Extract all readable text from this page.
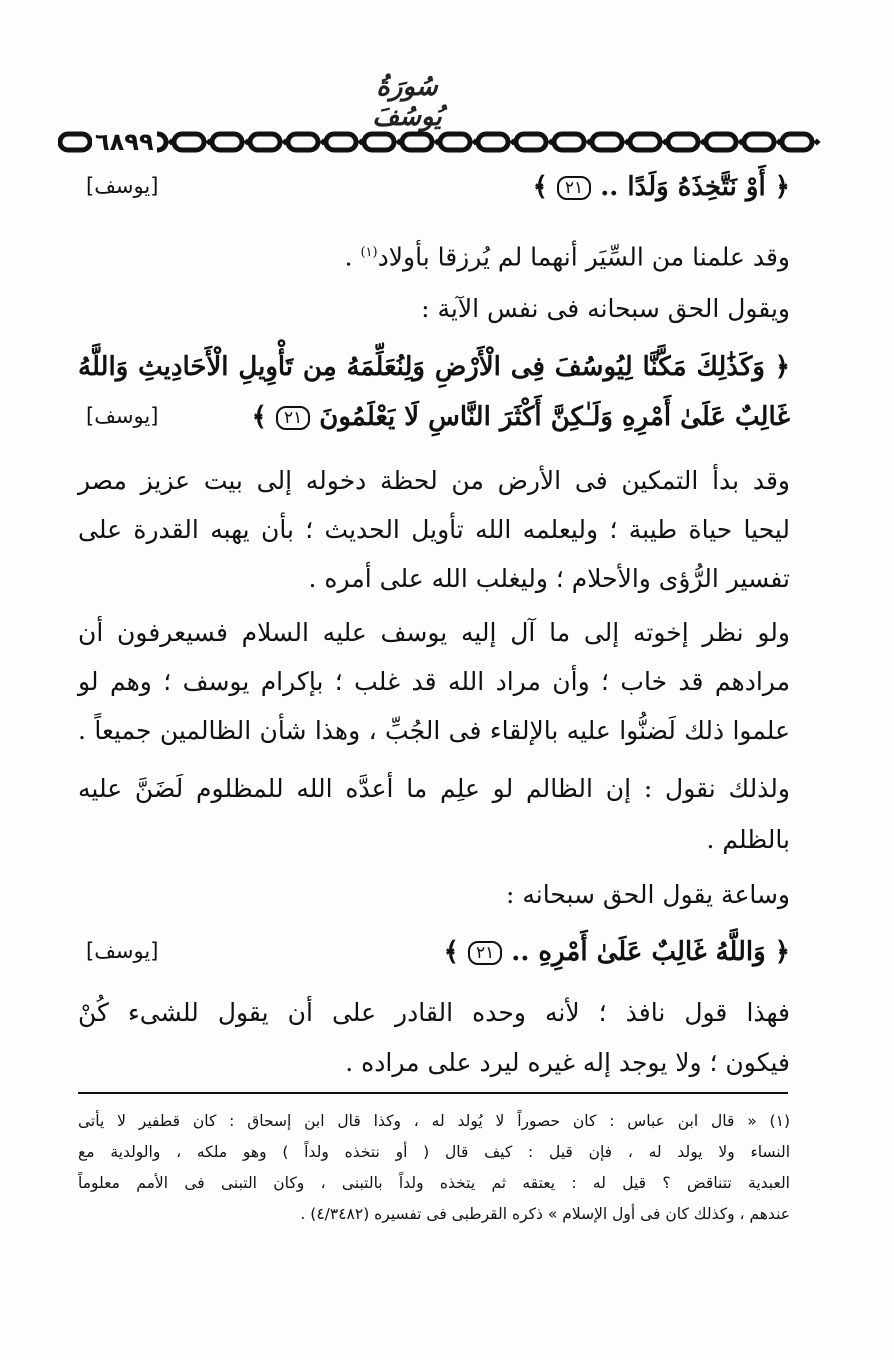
سُورَةُ يُوسُفَ
٦٨٩٩
﴿ أَوْ نَتَّخِذَهُ وَلَدًا .. ٢١ ﴾
[يوسف]
وقد علمنا من السِّيَر أنهما لم يُرزقا بأولاد$^{(١)}$ .
ويقول الحق سبحانه فى نفس الآية :
﴿ وَكَذَٰلِكَ مَكَّنَّا لِيُوسُفَ فِى الْأَرْضِ وَلِنُعَلِّمَهُ مِن تَأْوِيلِ الْأَحَادِيثِ وَاللَّهُ
غَالِبٌ عَلَىٰ أَمْرِهِ وَلَـٰكِنَّ أَكْثَرَ النَّاسِ لَا يَعْلَمُونَ ٢١ ﴾
[يوسف]
وقد بدأ التمكين فى الأرض من لحظة دخوله إلى بيت عزيز مصر
ليحيا حياة طيبة ؛ وليعلمه الله تأويل الحديث ؛ بأن يهبه القدرة على
تفسير الرُّؤى والأحلام ؛ وليغلب الله على أمره .
ولو نظر إخوته إلى ما آل إليه يوسف عليه السلام فسيعرفون أن
مرادهم قد خاب ؛ وأن مراد الله قد غلب ؛ بإكرام يوسف ؛ وهم لو
علموا ذلك لَضنُّوا عليه بالإلقاء فى الجُبِّ ، وهذا شأن الظالمين جميعاً .
ولذلك نقول : إن الظالم لو علِم ما أعدَّه الله للمظلوم لَضَنَّ عليه
بالظلم .
وساعة يقول الحق سبحانه :
﴿ وَاللَّهُ غَالِبٌ عَلَىٰ أَمْرِهِ .. ٢١ ﴾
[يوسف]
فهذا قول نافذ ؛ لأنه وحده القادر على أن يقول للشىء كُنْ
فيكون ؛ ولا يوجد إله غيره ليرد على مراده .
(١) « قال ابن عباس : كان حصوراً لا يُولد له ، وكذا قال ابن إسحاق : كان قطفير لا يأتى
النساء ولا يولد له ، فإن قيل : كيف قال ( أو نتخذه ولداً ) وهو ملكه ، والولدية مع
العبدية تتناقض ؟ قيل له : يعتقه ثم يتخذه ولداً بالتبنى ، وكان التبنى فى الأمم معلوماً
عندهم ، وكذلك كان فى أول الإسلام » ذكره القرطبى فى تفسيره (٤/٣٤٨٢) .
